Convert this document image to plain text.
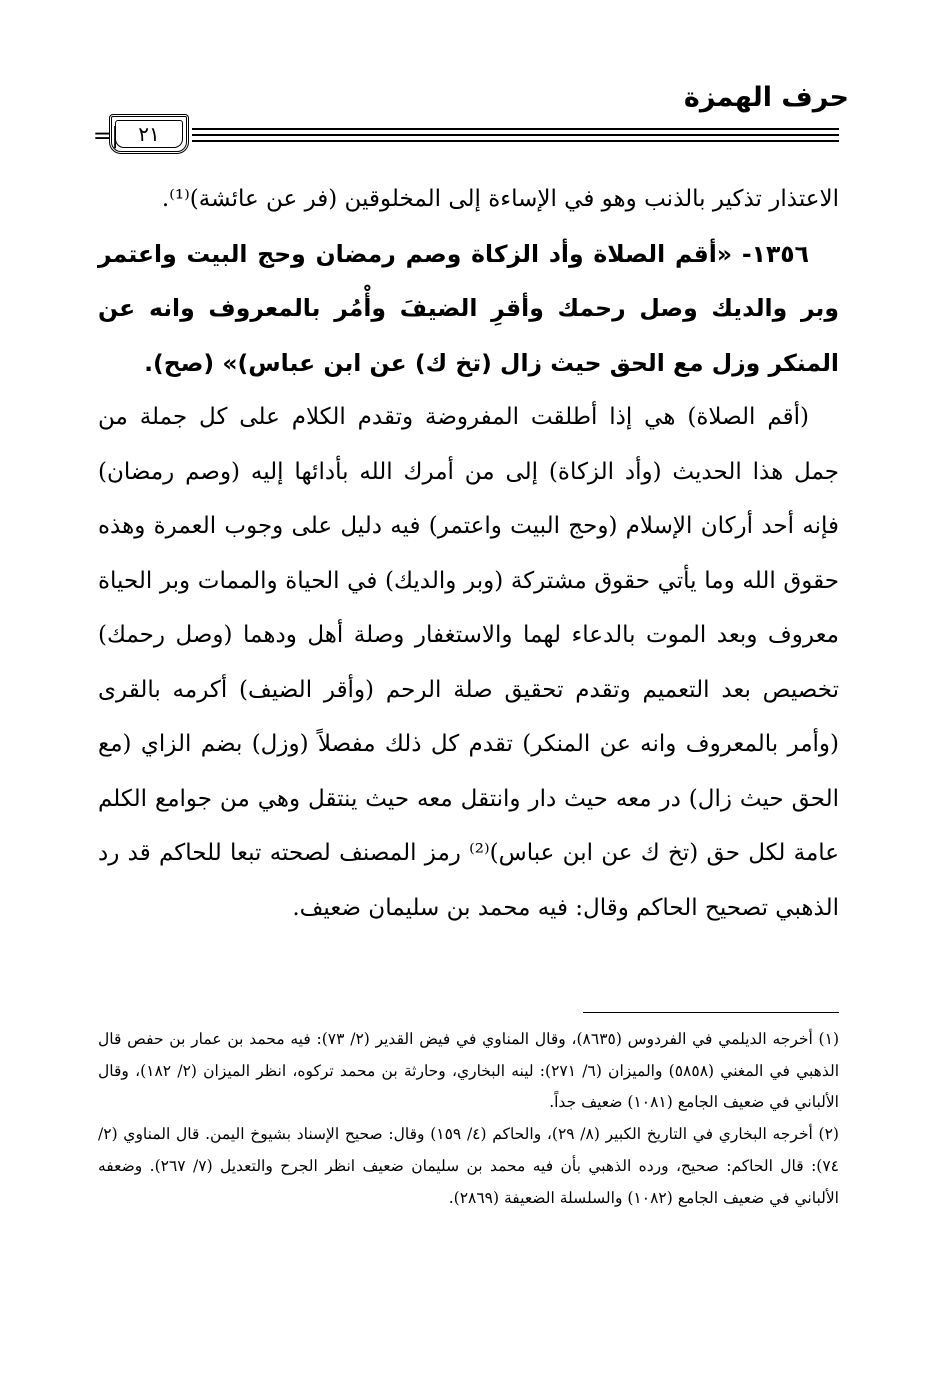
حرف الهمزة
=| ٢١

الاعتذار تذكير بالذنب وهو في الإساءة إلى المخلوقين (فر عن عائشة)⁽¹⁾.

١٣٥٦- «أقم الصلاة وأد الزكاة وصم رمضان وحج البيت واعتمر وبر والديك وصل رحمك وأقرِ الضيفَ وأْمُر بالمعروف وانه عن المنكر وزل مع الحق حيث زال (تخ ك) عن ابن عباس)» (صح).

(أقم الصلاة) هي إذا أطلقت المفروضة وتقدم الكلام على كل جملة من جمل هذا الحديث (وأد الزكاة) إلى من أمرك الله بأدائها إليه (وصم رمضان) فإنه أحد أركان الإسلام (وحج البيت واعتمر) فيه دليل على وجوب العمرة وهذه حقوق الله وما يأتي حقوق مشتركة (وبر والديك) في الحياة والممات وبر الحياة معروف وبعد الموت بالدعاء لهما والاستغفار وصلة أهل ودهما (وصل رحمك) تخصيص بعد التعميم وتقدم تحقيق صلة الرحم (وأقر الضيف) أكرمه بالقرى (وأمر بالمعروف وانه عن المنكر) تقدم كل ذلك مفصلاً (وزل) بضم الزاي (مع الحق حيث زال) در معه حيث دار وانتقل معه حيث ينتقل وهي من جوامع الكلم عامة لكل حق (تخ ك عن ابن عباس)⁽²⁾ رمز المصنف لصحته تبعا للحاكم قد رد الذهبي تصحيح الحاكم وقال: فيه محمد بن سليمان ضعيف.

(١) أخرجه الديلمي في الفردوس (٨٦٣٥)، وقال المناوي في فيض القدير (٢/ ٧٣): فيه محمد بن عمار بن حفص قال الذهبي في المغني (٥٨٥٨) والميزان (٦/ ٢٧١): لينه البخاري، وحارثة بن محمد تركوه، انظر الميزان (٢/ ١٨٢)، وقال الألباني في ضعيف الجامع (١٠٨١) ضعيف جداً.

(٢) أخرجه البخاري في التاريخ الكبير (٨/ ٢٩)، والحاكم (٤/ ١٥٩) وقال: صحيح الإسناد بشيوخ اليمن. قال المناوي (٢/ ٧٤): قال الحاكم: صحيح، ورده الذهبي بأن فيه محمد بن سليمان ضعيف انظر الجرح والتعديل (٧/ ٢٦٧). وضعفه الألباني في ضعيف الجامع (١٠٨٢) والسلسلة الضعيفة (٢٨٦٩).
